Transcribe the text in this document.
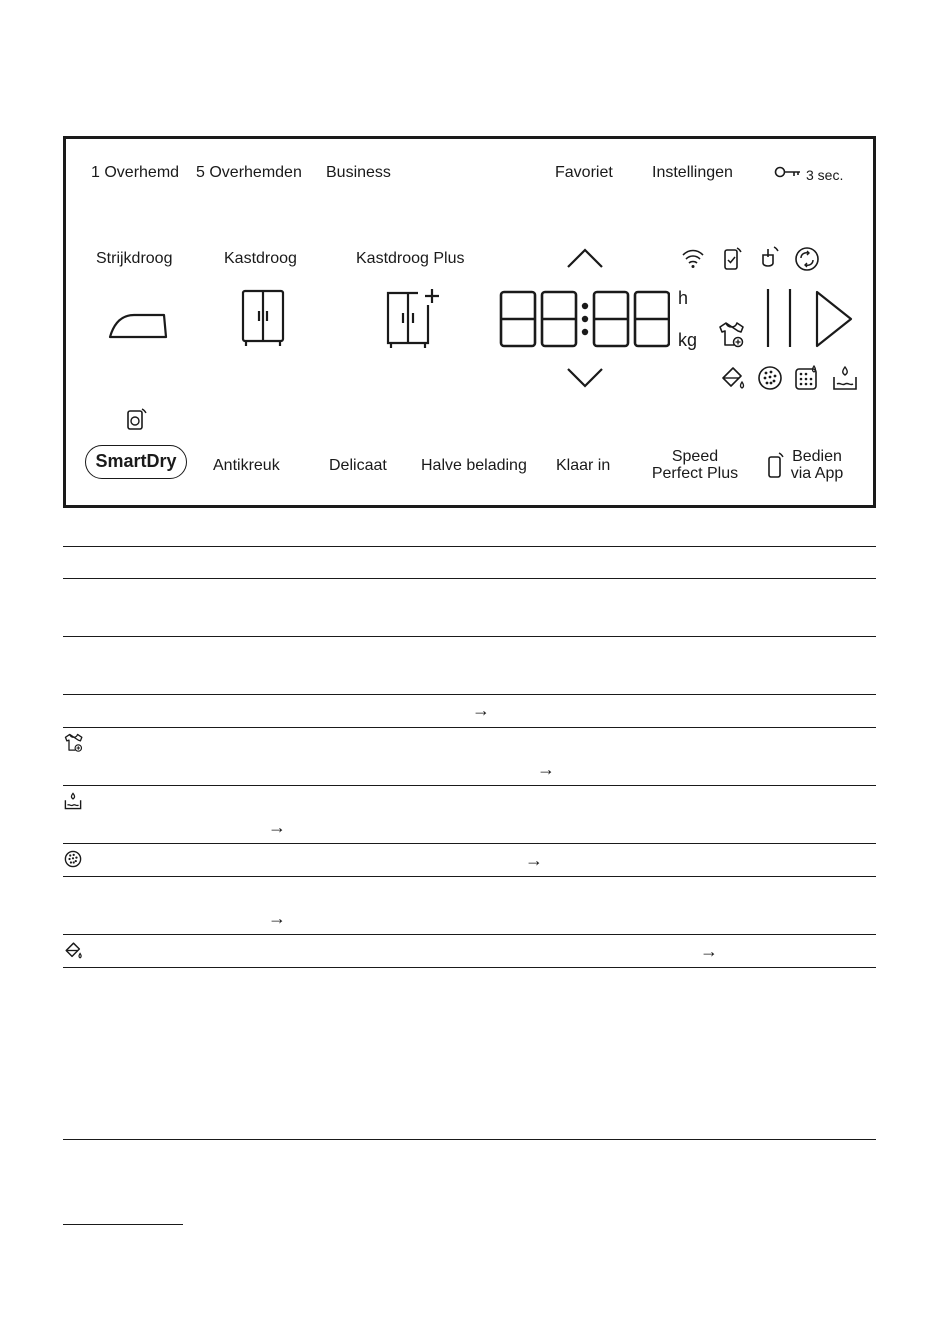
1 Overhemd 5 Overhemden Business	Favoriet Instellingen	3 sec.
Strijkdroog	Kastdroog	Kastdroog Plus
h
kg
SmartDry	Antikreuk	Delicaat Halve belading Klaar in
Speed
Perfect Plus
Bedien
via App
→
→
→
→
→
→
